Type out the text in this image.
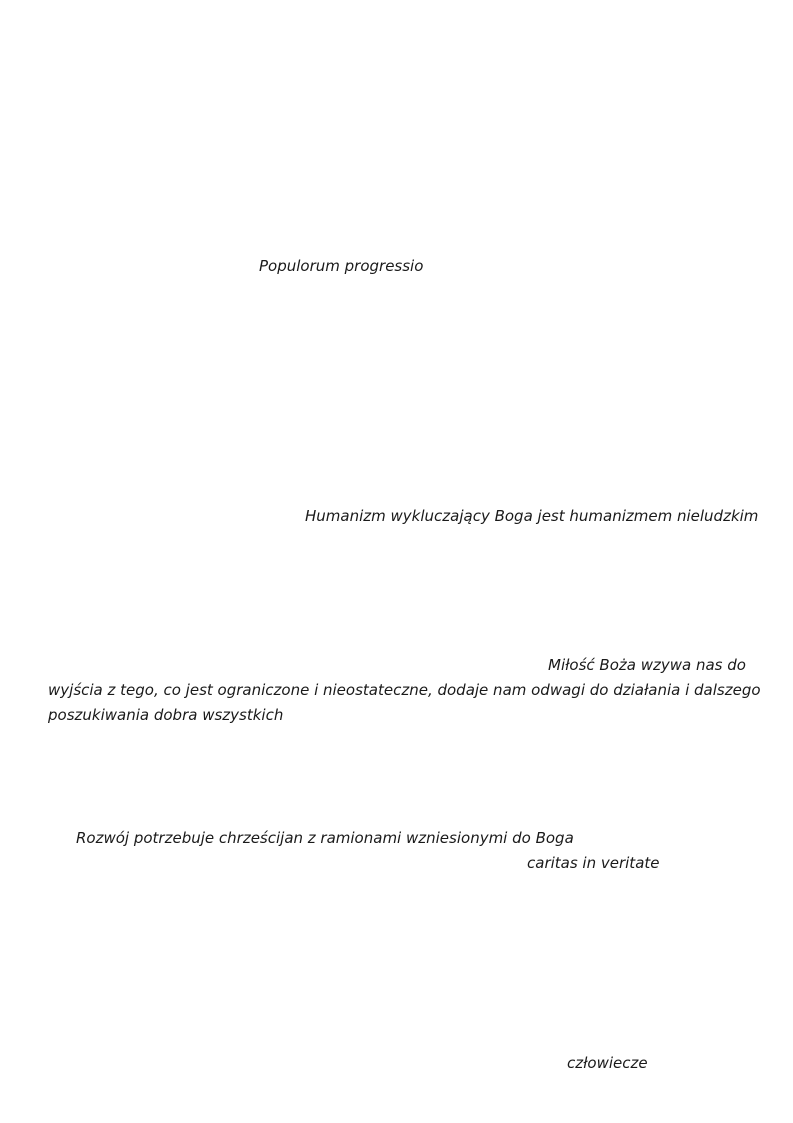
Populorum progressio
Humanizm wykluczający Boga jest humanizmem nieludzkim
Miłość Boża wzywa nas do
wyjścia z tego, co jest ograniczone i nieostateczne, dodaje nam odwagi do działania i dalszego
poszukiwania dobra wszystkich
Rozwój potrzebuje chrześcijan z ramionami wzniesionymi do Boga
caritas in veritate
człowiecze
